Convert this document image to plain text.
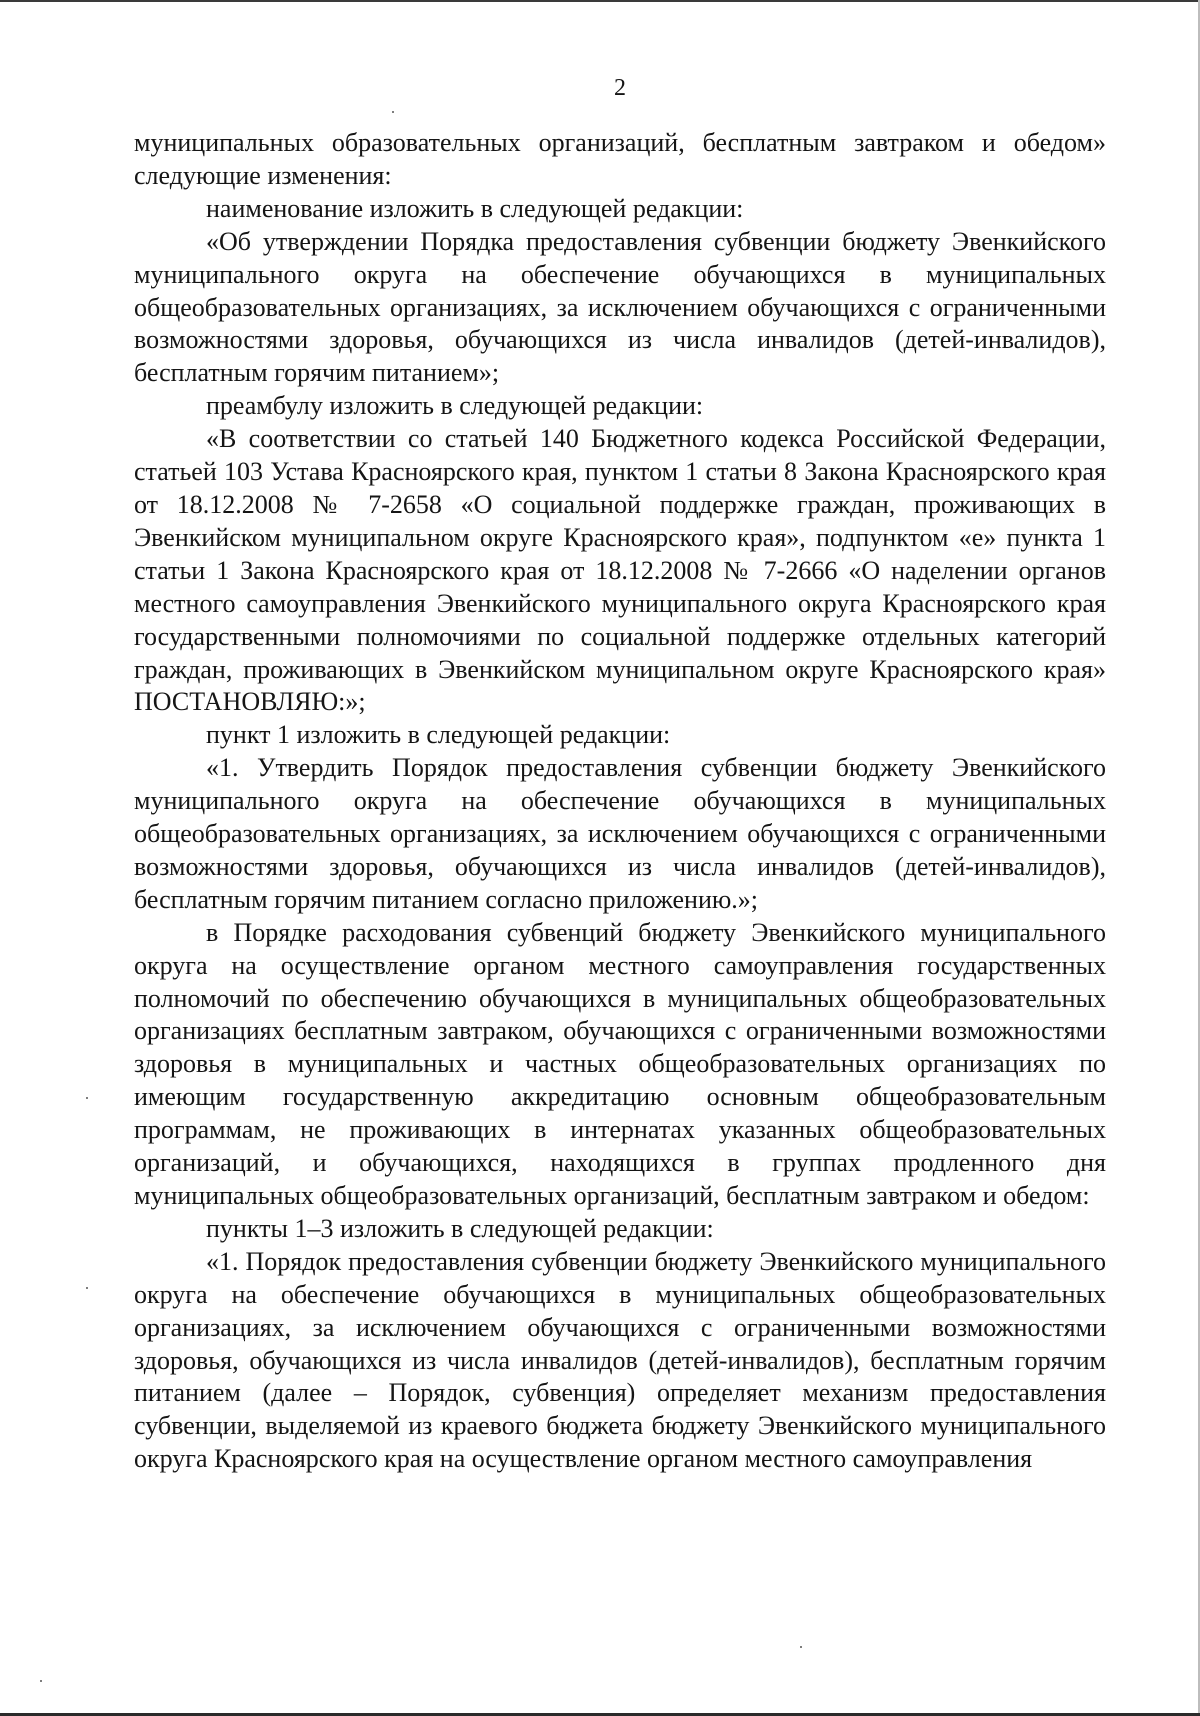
2

муниципальных образовательных организаций, бесплатным завтраком и обедом» следующие изменения:

наименование изложить в следующей редакции:

«Об утверждении Порядка предоставления субвенции бюджету Эвенкийского муниципального округа на обеспечение обучающихся в муниципальных общеобразовательных организациях, за исключением обучающихся с ограниченными возможностями здоровья, обучающихся из числа инвалидов (детей-инвалидов), бесплатным горячим питанием»;

преамбулу изложить в следующей редакции:

«В соответствии со статьей 140 Бюджетного кодекса Российской Федерации, статьей 103 Устава Красноярского края, пунктом 1 статьи 8 Закона Красноярского края от 18.12.2008 № 7-2658 «О социальной поддержке граждан, проживающих в Эвенкийском муниципальном округе Красноярского края», подпунктом «е» пункта 1 статьи 1 Закона Красноярского края от 18.12.2008 № 7-2666 «О наделении органов местного самоуправления Эвенкийского муниципального округа Красноярского края государственными полномочиями по социальной поддержке отдельных категорий граждан, проживающих в Эвенкийском муниципальном округе Красноярского края» ПОСТАНОВЛЯЮ:»;

пункт 1 изложить в следующей редакции:

«1. Утвердить Порядок предоставления субвенции бюджету Эвенкийского муниципального округа на обеспечение обучающихся в муниципальных общеобразовательных организациях, за исключением обучающихся с ограниченными возможностями здоровья, обучающихся из числа инвалидов (детей-инвалидов), бесплатным горячим питанием согласно приложению.»;

в Порядке расходования субвенций бюджету Эвенкийского муниципального округа на осуществление органом местного самоуправления государственных полномочий по обеспечению обучающихся в муниципальных общеобразовательных организациях бесплатным завтраком, обучающихся с ограниченными возможностями здоровья в муниципальных и частных общеобразовательных организациях по имеющим государственную аккредитацию основным общеобразовательным программам, не проживающих в интернатах указанных общеобразовательных организаций, и обучающихся, находящихся в группах продленного дня муниципальных общеобразовательных организаций, бесплатным завтраком и обедом:

пункты 1–3 изложить в следующей редакции:

«1. Порядок предоставления субвенции бюджету Эвенкийского муниципального округа на обеспечение обучающихся в муниципальных общеобразовательных организациях, за исключением обучающихся с ограниченными возможностями здоровья, обучающихся из числа инвалидов (детей-инвалидов), бесплатным горячим питанием (далее – Порядок, субвенция) определяет механизм предоставления субвенции, выделяемой из краевого бюджета бюджету Эвенкийского муниципального округа Красноярского края на осуществление органом местного самоуправления
